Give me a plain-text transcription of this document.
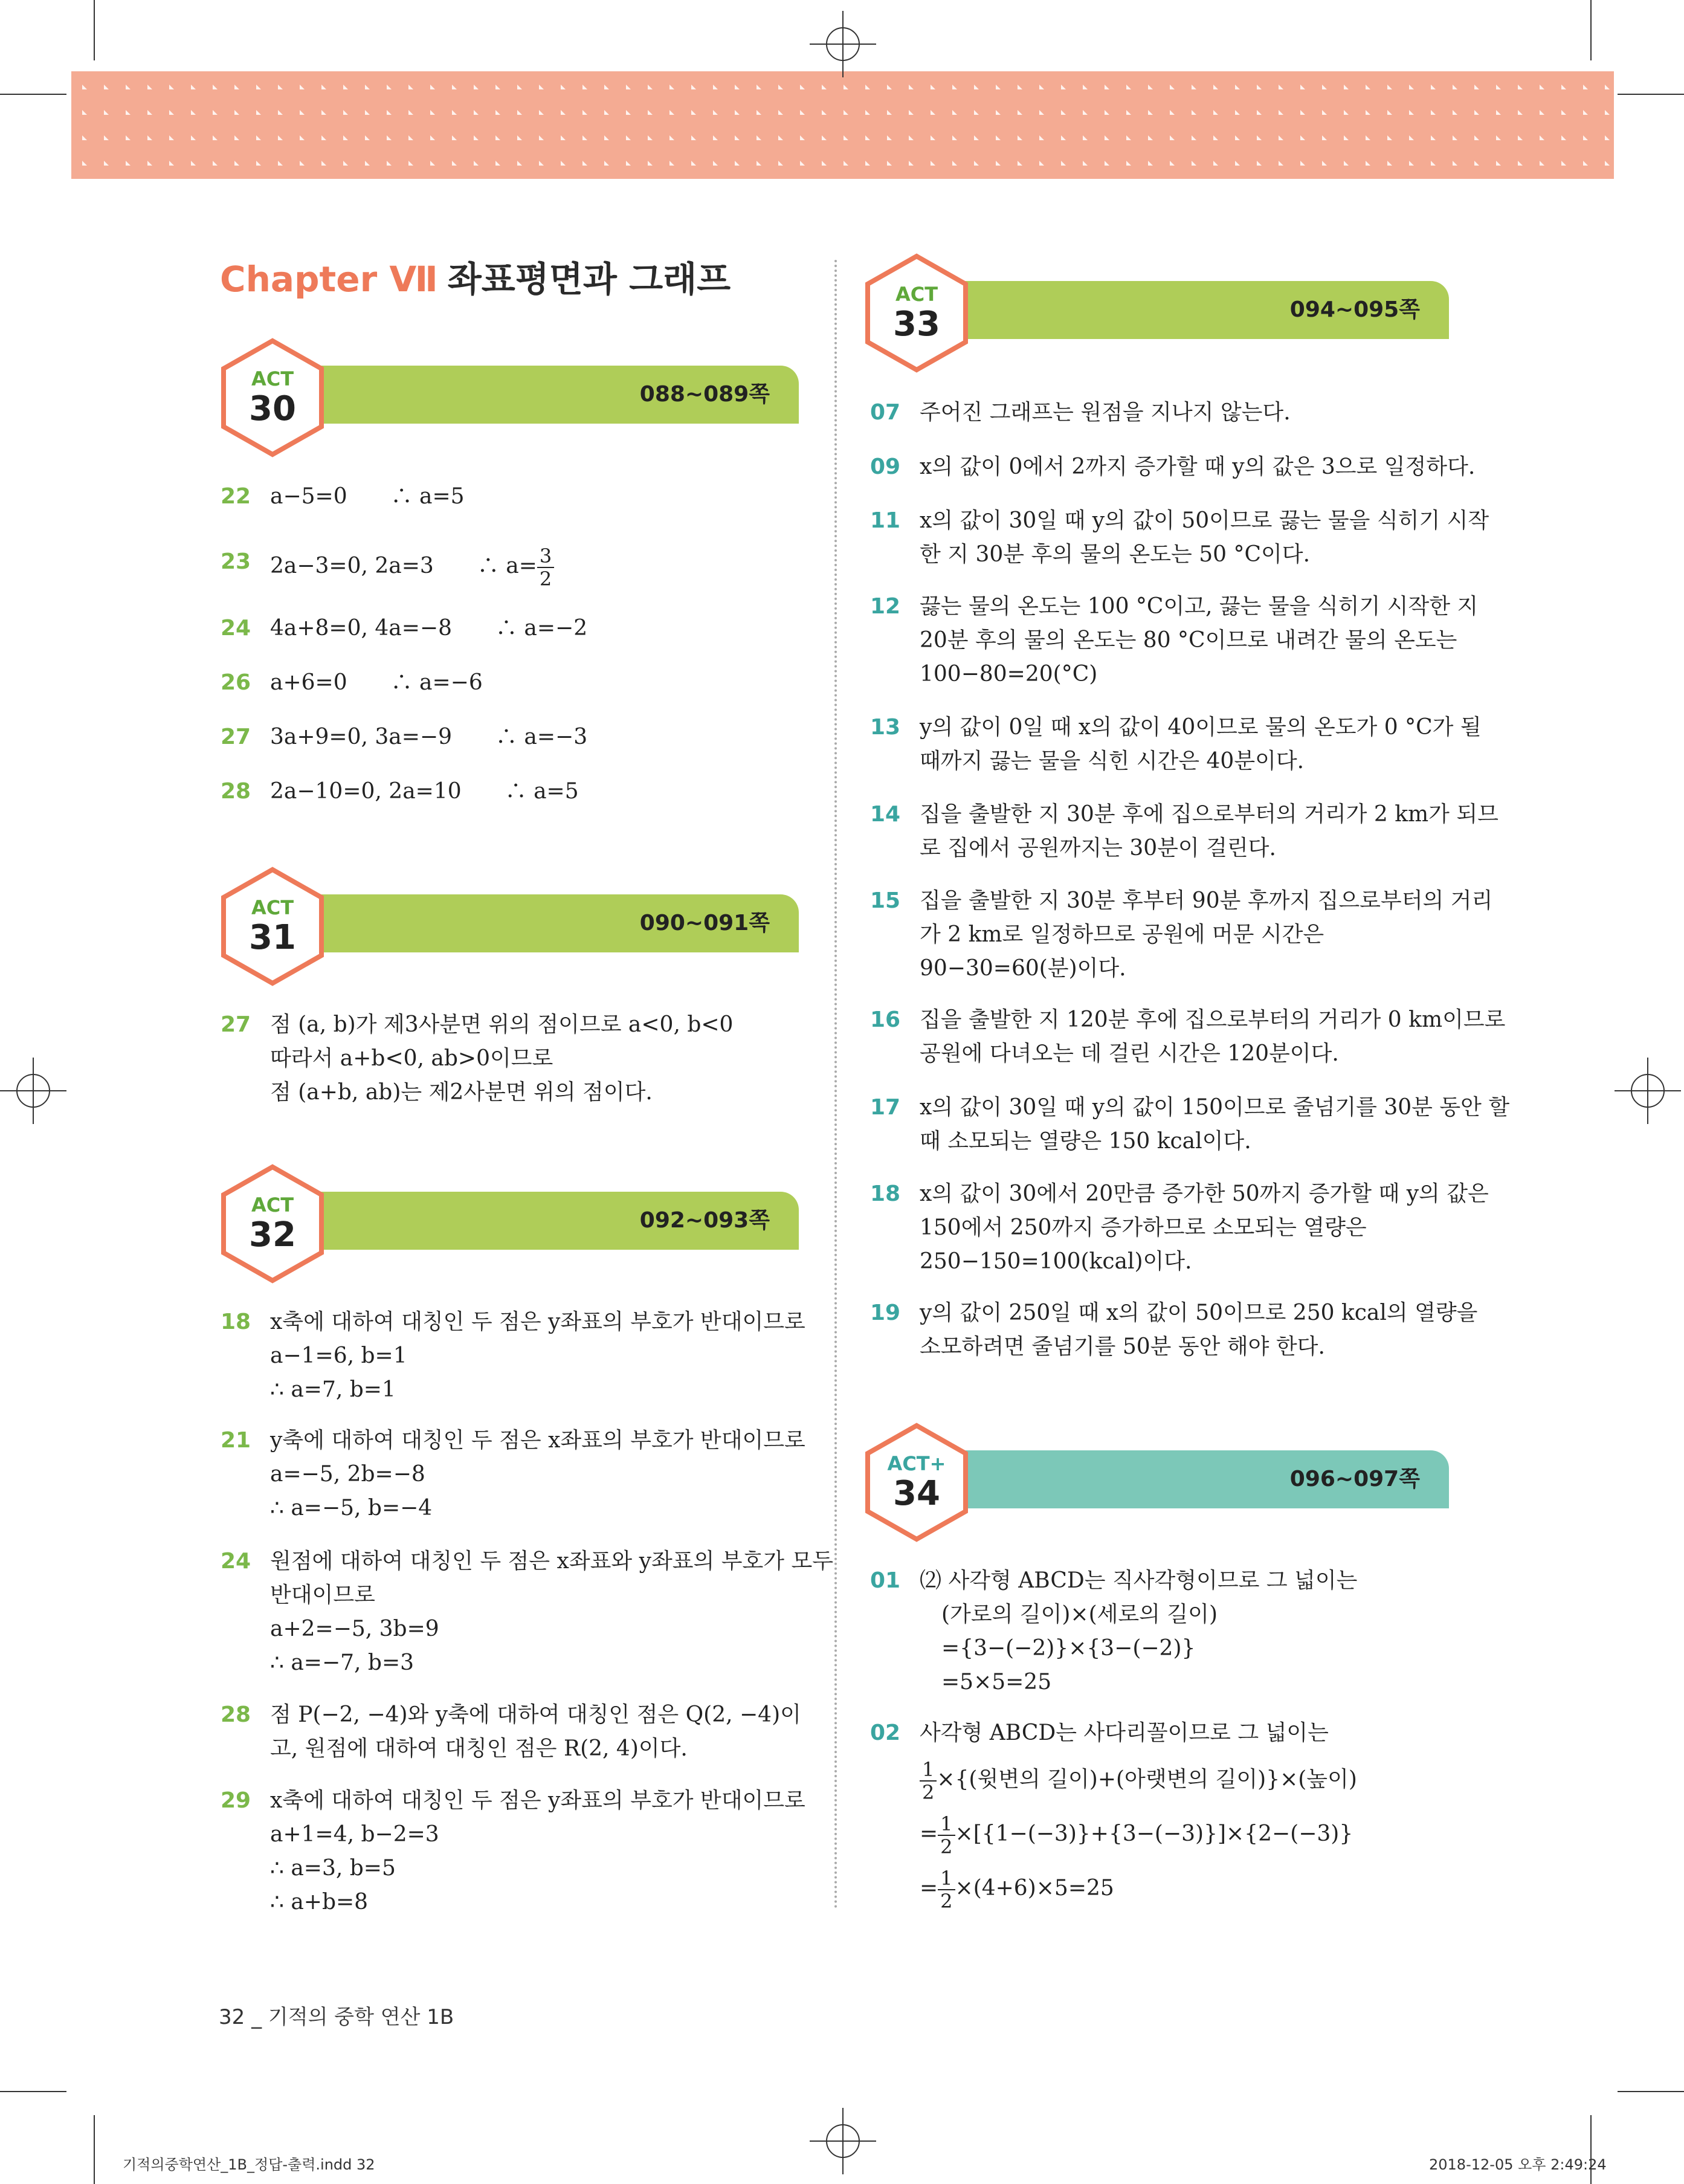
Chapter Ⅶ 좌표평면과 그래프
088~089쪽
ACT
30
090~091쪽
ACT
31
092~093쪽
ACT
32
094~095쪽
ACT
33
096~097쪽
ACT+
34
22 a−5=0　　∴ a=5
23 2a−3=0, 2a=3　　∴ $a= \frac{3}{2}$
24 4a+8=0, 4a=−8　　∴ a=−2
26 a+6=0　　∴ a=−6
27 3a+9=0, 3a=−9　　∴ a=−3
28 2a−10=0, 2a=10　　∴ a=5
27 점 (a, b)가 제3사분면 위의 점이므로 a<0, b<0
따라서 a+b<0, ab>0이므로
점 (a+b, ab)는 제2사분면 위의 점이다.
18 x축에 대하여 대칭인 두 점은 y좌표의 부호가 반대이므로
a−1=6, b=1
∴ a=7, b=1
21 y축에 대하여 대칭인 두 점은 x좌표의 부호가 반대이므로
a=−5, 2b=−8
∴ a=−5, b=−4
24 원점에 대하여 대칭인 두 점은 x좌표와 y좌표의 부호가 모두
반대이므로
a+2=−5, 3b=9
∴ a=−7, b=3
28 점 P(−2, −4)와 y축에 대하여 대칭인 점은 Q(2, −4)이
고, 원점에 대하여 대칭인 점은 R(2, 4)이다.
29 x축에 대하여 대칭인 두 점은 y좌표의 부호가 반대이므로
a+1=4, b−2=3
∴ a=3, b=5
∴ a+b=8
07 주어진 그래프는 원점을 지나지 않는다.
09 x의 값이 0에서 2까지 증가할 때 y의 값은 3으로 일정하다.
11 x의 값이 30일 때 y의 값이 50이므로 끓는 물을 식히기 시작
한 지 30분 후의 물의 온도는 50 °C이다.
12 끓는 물의 온도는 100 °C이고, 끓는 물을 식히기 시작한 지
20분 후의 물의 온도는 80 °C이므로 내려간 물의 온도는
100−80=20(°C)
13 y의 값이 0일 때 x의 값이 40이므로 물의 온도가 0 °C가 될
때까지 끓는 물을 식힌 시간은 40분이다.
14 집을 출발한 지 30분 후에 집으로부터의 거리가 2 km가 되므
로 집에서 공원까지는 30분이 걸린다.
15 집을 출발한 지 30분 후부터 90분 후까지 집으로부터의 거리
가 2 km로 일정하므로 공원에 머문 시간은
90−30=60(분)이다.
16 집을 출발한 지 120분 후에 집으로부터의 거리가 0 km이므로
공원에 다녀오는 데 걸린 시간은 120분이다.
17 x의 값이 30일 때 y의 값이 150이므로 줄넘기를 30분 동안 할
때 소모되는 열량은 150 kcal이다.
18 x의 값이 30에서 20만큼 증가한 50까지 증가할 때 y의 값은
150에서 250까지 증가하므로 소모되는 열량은
250−150=100(kcal)이다.
19 y의 값이 250일 때 x의 값이 50이므로 250 kcal의 열량을
소모하려면 줄넘기를 50분 동안 해야 한다.
01 ⑵ 사각형 ABCD는 직사각형이므로 그 넓이는
　(가로의 길이)×(세로의 길이)
　={3−(−2)}×{3−(−2)}
　=5×5=25
02 사각형 ABCD는 사다리꼴이므로 그 넓이는
$\frac{1}{2}$ ×{(윗변의 길이)+(아랫변의 길이)}×(높이)
= $\frac{1}{2} \times[\{1-(-3)\}+\{3-(-3)\}]\times\{2-(-3)\}$
= $\frac{1}{2} \times(4+6)\times 5=25$
32 _ 기적의 중학 연산 1B
기적의중학연산_1B_정답-출력.indd 32	2018-12-05 오후 2:49:24
